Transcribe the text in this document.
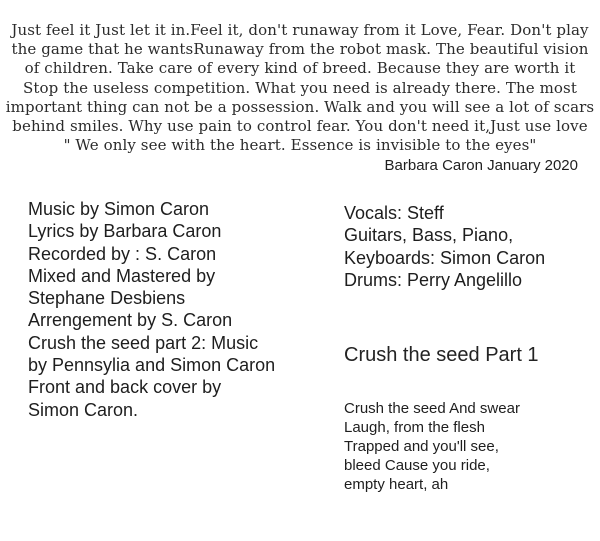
Just feel it Just let it in.Feel it, don't runaway from it Love, Fear. Don't play
the game that he wantsRunaway from the robot mask. The beautiful vision
of children. Take care of every kind of breed. Because they are worth it
Stop the useless competition. What you need is already there. The most
important thing can not be a possession. Walk and you will see a lot of scars
behind smiles. Why use pain to control fear. You don't need it,Just use love
" We only see with the heart. Essence is invisible to the eyes"
Barbara Caron January 2020
Music by Simon Caron
Lyrics by Barbara Caron
Recorded by : S. Caron
Mixed and Mastered by
Stephane Desbiens
Arrengement by S. Caron
Crush the seed part 2: Music
by Pennsylia and Simon Caron
Front and back cover by
Simon Caron.
Vocals: Steff
Guitars, Bass, Piano,
Keyboards: Simon Caron
Drums: Perry Angelillo
Crush the seed Part 1
Crush the seed And swear
Laugh, from the flesh
Trapped and you'll see,
bleed Cause you ride,
empty heart, ah
